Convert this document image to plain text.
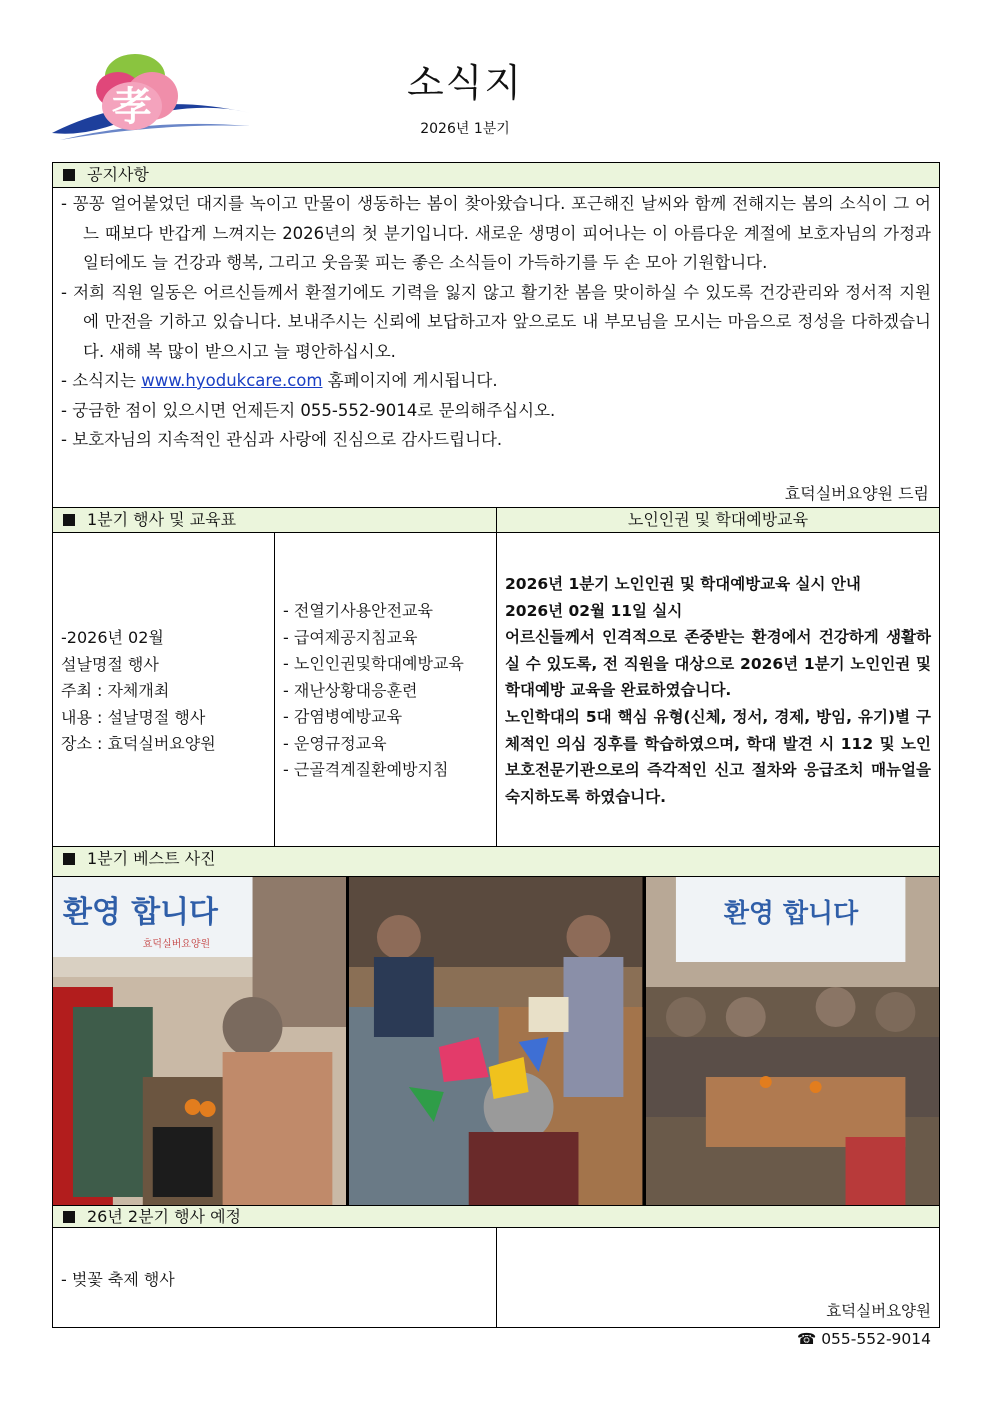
孝	소식지
2026년 1분기
공지사항
- 꽁꽁 얼어붙었던 대지를 녹이고 만물이 생동하는 봄이 찾아왔습니다. 포근해진 날씨와 함께 전해지는 봄의 소식이 그 어느 때보다 반갑게 느껴지는 2026년의 첫 분기입니다. 새로운 생명이 피어나는 이 아름다운 계절에 보호자님의 가정과 일터에도 늘 건강과 행복, 그리고 웃음꽃 피는 좋은 소식들이 가득하기를 두 손 모아 기원합니다.
- 저희 직원 일동은 어르신들께서 환절기에도 기력을 잃지 않고 활기찬 봄을 맞이하실 수 있도록 건강관리와 정서적 지원에 만전을 기하고 있습니다. 보내주시는 신뢰에 보답하고자 앞으로도 내 부모님을 모시는 마음으로 정성을 다하겠습니다. 새해 복 많이 받으시고 늘 평안하십시오.
- 소식지는 www.hyodukcare.com 홈페이지에 게시됩니다.
- 궁금한 점이 있으시면 언제든지 055-552-9014로 문의해주십시오.
- 보호자님의 지속적인 관심과 사랑에 진심으로 감사드립니다.
효덕실버요양원 드림
1분기 행사 및 교육표	노인인권 및 학대예방교육
-2026년 02월
설날명절 행사
주최 : 자체개최
내용 : 설날명절 행사
장소 : 효덕실버요양원
- 전열기사용안전교육
- 급여제공지침교육
- 노인인권및학대예방교육
- 재난상황대응훈련
- 감염병예방교육
- 운영규정교육
- 근골격계질환예방지침
2026년 1분기 노인인권 및 학대예방교육 실시 안내
2026년 02월 11일 실시
어르신들께서 인격적으로 존중받는 환경에서 건강하게 생활하실 수 있도록, 전 직원을 대상으로 2026년 1분기 노인인권 및 학대예방 교육을 완료하였습니다.
노인학대의 5대 핵심 유형(신체, 정서, 경제, 방임, 유기)별 구체적인 의심 징후를 학습하였으며, 학대 발견 시 112 및 노인보호전문기관으로의 즉각적인 신고 절차와 응급조치 매뉴얼을 숙지하도록 하였습니다.
1분기 베스트 사진
환영 합니다
효덕실버요양원
환영 합니다
26년 2분기 행사 예정
- 벚꽃 축제 행사
효덕실버요양원
☎ 055-552-9014
